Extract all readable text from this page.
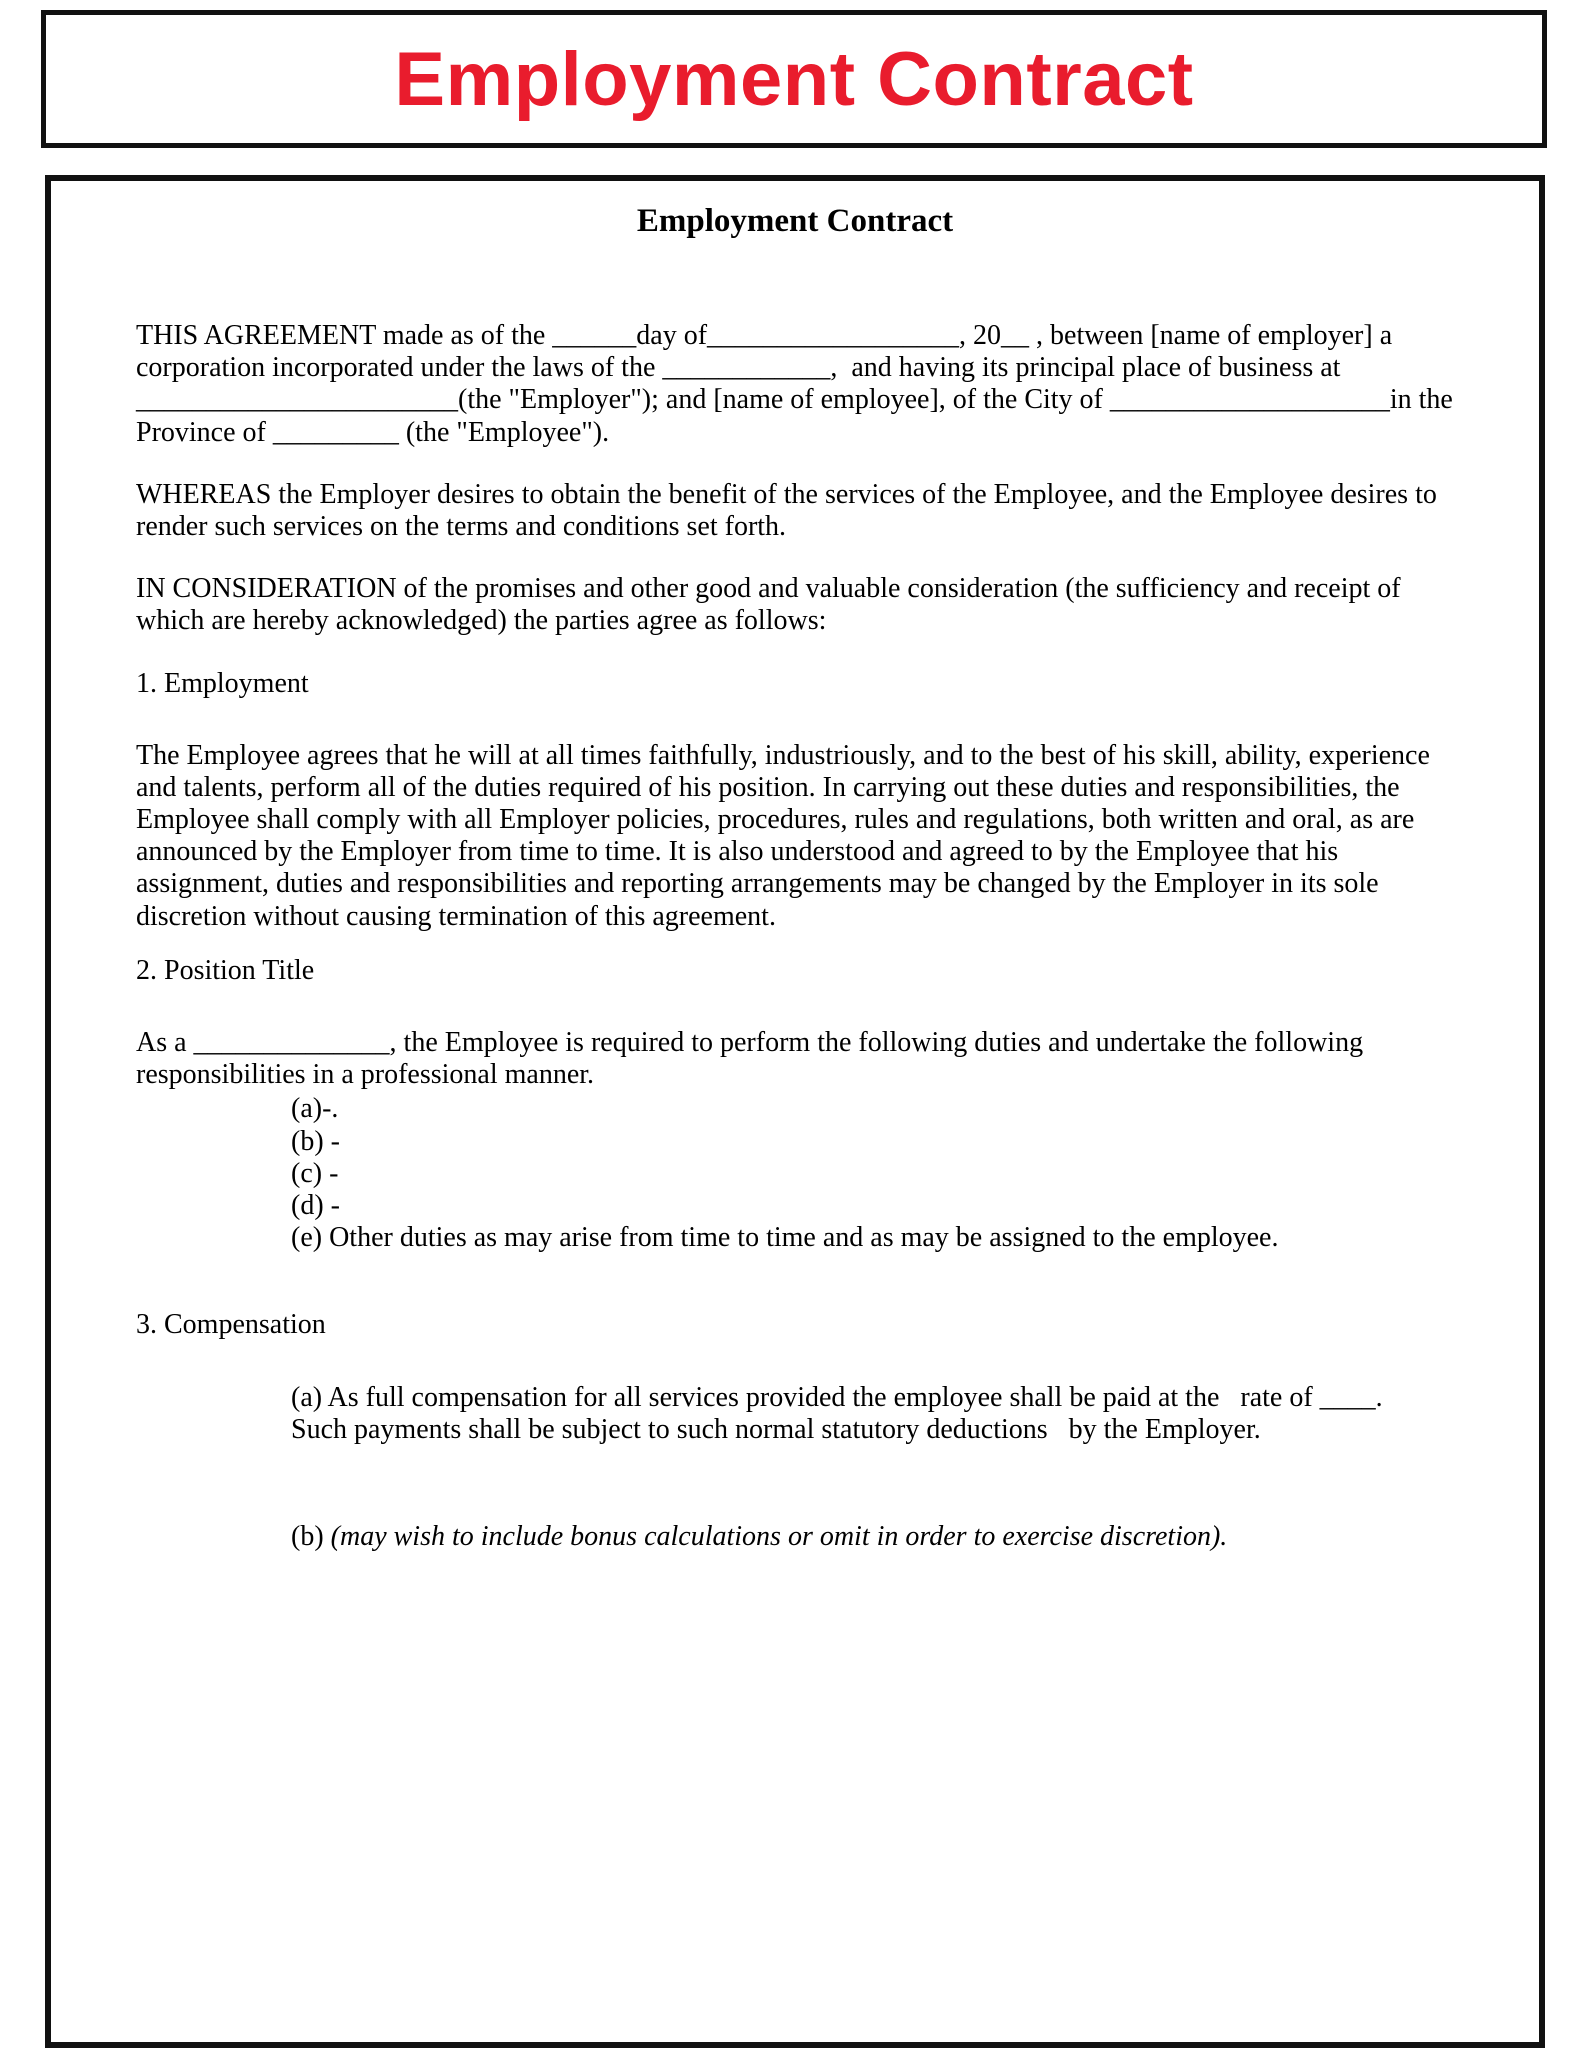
Employment Contract
Employment Contract

THIS AGREEMENT made as of the ______day of__________________, 20__ , between [name of employer] a corporation incorporated under the laws of the ____________,  and having its principal place of business at _______________________(the "Employer"); and [name of employee], of the City of ____________________in the Province of _________ (the "Employee").

WHEREAS the Employer desires to obtain the benefit of the services of the Employee, and the Employee desires to render such services on the terms and conditions set forth.

IN CONSIDERATION of the promises and other good and valuable consideration (the sufficiency and receipt of which are hereby acknowledged) the parties agree as follows:

1. Employment

The Employee agrees that he will at all times faithfully, industriously, and to the best of his skill, ability, experience and talents, perform all of the duties required of his position. In carrying out these duties and responsibilities, the Employee shall comply with all Employer policies, procedures, rules and regulations, both written and oral, as are announced by the Employer from time to time. It is also understood and agreed to by the Employee that his assignment, duties and responsibilities and reporting arrangements may be changed by the Employer in its sole discretion without causing termination of this agreement.

2. Position Title

As a ______________, the Employee is required to perform the following duties and undertake the following responsibilities in a professional manner.

(a)-.
(b) -
(c) -
(d) -
(e) Other duties as may arise from time to time and as may be assigned to the employee.

3. Compensation

(a) As full compensation for all services provided the employee shall be paid at the   rate of ____. Such payments shall be subject to such normal statutory deductions   by the Employer.

(b) (may wish to include bonus calculations or omit in order to exercise discretion).
